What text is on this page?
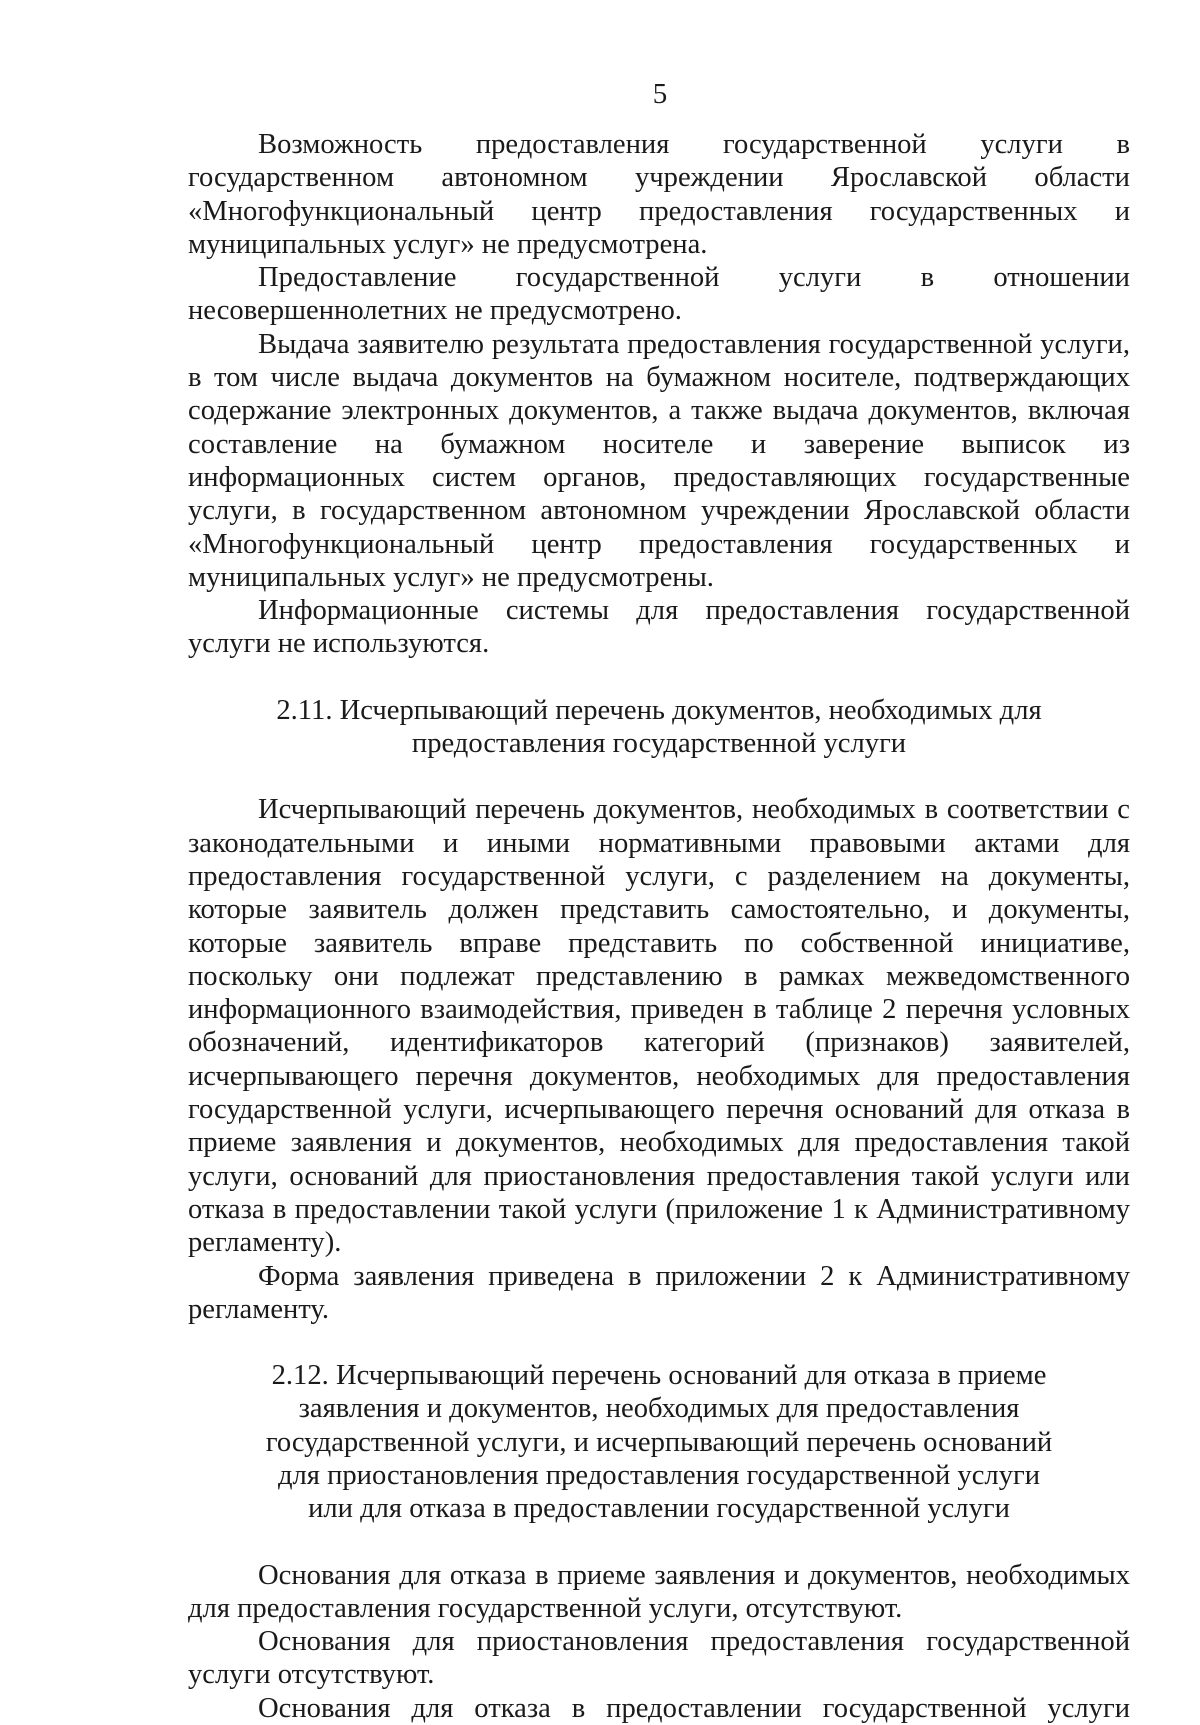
5

Возможность предоставления государственной услуги в государственном автономном учреждении Ярославской области «Многофункциональный центр предоставления государственных и муниципальных услуг» не предусмотрена.

Предоставление государственной услуги в отношении несовершеннолетних не предусмотрено.

Выдача заявителю результата предоставления государственной услуги, в том числе выдача документов на бумажном носителе, подтверждающих содержание электронных документов, а также выдача документов, включая составление на бумажном носителе и заверение выписок из информационных систем органов, предоставляющих государственные услуги, в государственном автономном учреждении Ярославской области «Многофункциональный центр предоставления государственных и муниципальных услуг» не предусмотрены.

Информационные системы для предоставления государственной услуги не используются.

2.11. Исчерпывающий перечень документов, необходимых для
предоставления государственной услуги

Исчерпывающий перечень документов, необходимых в соответствии с законодательными и иными нормативными правовыми актами для предоставления государственной услуги, с разделением на документы, которые заявитель должен представить самостоятельно, и документы, которые заявитель вправе представить по собственной инициативе, поскольку они подлежат представлению в рамках межведомственного информационного взаимодействия, приведен в таблице 2 перечня условных обозначений, идентификаторов категорий (признаков) заявителей, исчерпывающего перечня документов, необходимых для предоставления государственной услуги, исчерпывающего перечня оснований для отказа в приеме заявления и документов, необходимых для предоставления такой услуги, оснований для приостановления предоставления такой услуги или отказа в предоставлении такой услуги (приложение 1 к Административному регламенту).

Форма заявления приведена в приложении 2 к Административному регламенту.

2.12. Исчерпывающий перечень оснований для отказа в приеме
заявления и документов, необходимых для предоставления
государственной услуги, и исчерпывающий перечень оснований
для приостановления предоставления государственной услуги
или для отказа в предоставлении государственной услуги

Основания для отказа в приеме заявления и документов, необходимых для предоставления государственной услуги, отсутствуют.

Основания для приостановления предоставления государственной услуги отсутствуют.

Основания для отказа в предоставлении государственной услуги
